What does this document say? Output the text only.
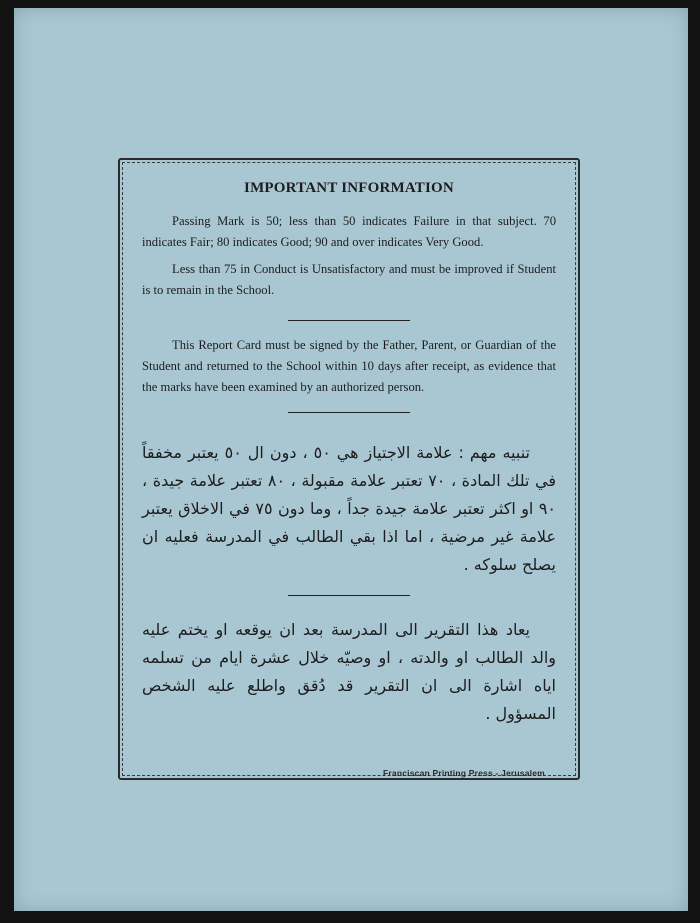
IMPORTANT INFORMATION

Passing Mark is 50; less than 50 indicates Failure in that subject. 70 indicates Fair; 80 indicates Good; 90 and over indicates Very Good.

Less than 75 in Conduct is Unsatisfactory and must be improved if Student is to remain in the School.

This Report Card must be signed by the Father, Parent, or Guardian of the Student and returned to the School within 10 days after receipt, as evidence that the marks have been examined by an authorized person.

تنبيه مهم : علامة الاجتياز هي ٥٠ ، دون ال ٥٠ يعتبر مخفقاً في تلك المادة ، ٧٠ تعتبر علامة مقبولة ، ٨٠ تعتبر علامة جيدة ، ٩٠ او اكثر تعتبر علامة جيدة جداً ، وما دون ٧٥ في الاخلاق يعتبر علامة غير مرضية ، اما اذا بقي الطالب في المدرسة فعليه ان يصلح سلوكه .

يعاد هذا التقرير الى المدرسة بعد ان يوقعه او يختم عليه والد الطالب او والدته ، او وصيّه خلال عشرة ايام من تسلمه اياه اشارة الى ان التقرير قد دُقق واطلع عليه الشخص المسؤول .

Franciscan Printing Press - Jerusalem
